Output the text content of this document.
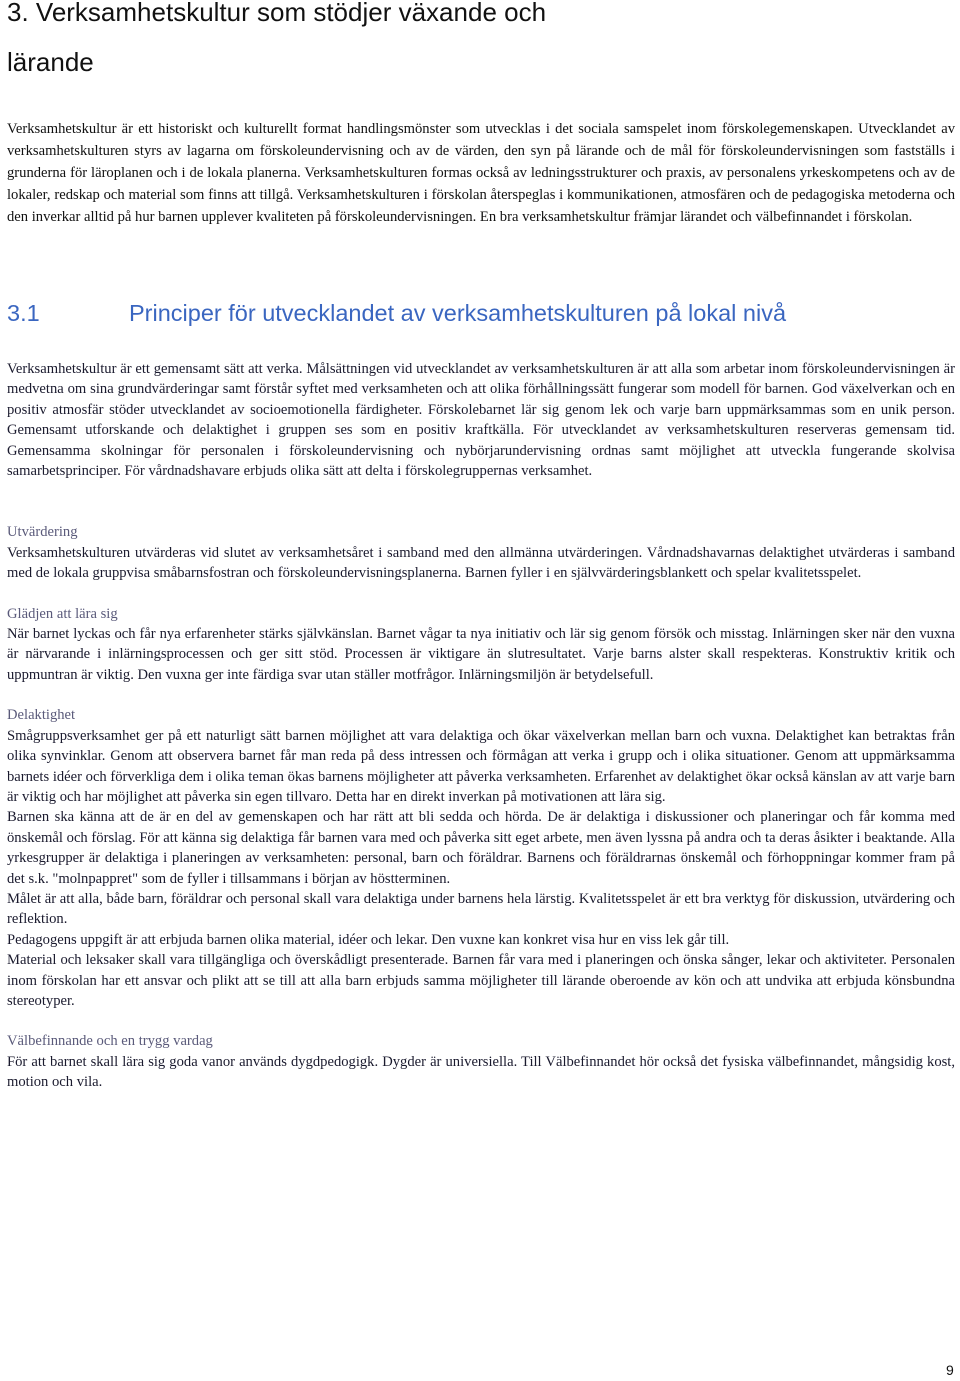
3. Verksamhetskultur som stödjer växande och
lärande

Verksamhetskultur är ett historiskt och kulturellt format handlingsmönster som utvecklas i det sociala samspelet inom förskolegemenskapen. Utvecklandet av verksamhetskulturen styrs av lagarna om förskoleundervisning och av de värden, den syn på lärande och de mål för förskoleundervisningen som fastställs i grunderna för läroplanen och i de lokala planerna. Verksamhetskulturen formas också av ledningsstrukturer och praxis, av personalens yrkeskompetens och av de lokaler, redskap och material som finns att tillgå. Verksamhetskulturen i förskolan återspeglas i kommunikationen, atmosfären och de pedagogiska metoderna och den inverkar alltid på hur barnen upplever kvaliteten på förskoleundervisningen. En bra verksamhetskultur främjar lärandet och välbefinnandet i förskolan.

3.1	Principer för utvecklandet av verksamhetskulturen på lokal nivå

Verksamhetskultur är ett gemensamt sätt att verka. Målsättningen vid utvecklandet av verksamhetskulturen är att alla som arbetar inom förskoleundervisningen är medvetna om sina grundvärderingar samt förstår syftet med verksamheten och att olika förhållningssätt fungerar som modell för barnen. God växelverkan och en positiv atmosfär stöder utvecklandet av socioemotionella färdigheter. Förskolebarnet lär sig genom lek och varje barn uppmärksammas som en unik person. Gemensamt utforskande och delaktighet i gruppen ses som en positiv kraftkälla. För utvecklandet av verksamhetskulturen reserveras gemensam tid. Gemensamma skolningar för personalen i förskoleundervisning och nybörjarundervisning ordnas samt möjlighet att utveckla fungerande skolvisa samarbetsprinciper. För vårdnadshavare erbjuds olika sätt att delta i förskolegruppernas verksamhet.

Utvärdering

Verksamhetskulturen utvärderas vid slutet av verksamhetsåret i samband med den allmänna utvärderingen. Vårdnadshavarnas delaktighet utvärderas i samband med de lokala gruppvisa småbarnsfostran och förskoleundervisningsplanerna. Barnen fyller i en självvärderingsblankett och spelar kvalitetsspelet.

Glädjen att lära sig

När barnet lyckas och får nya erfarenheter stärks självkänslan. Barnet vågar ta nya initiativ och lär sig genom försök och misstag. Inlärningen sker när den vuxna är närvarande i inlärningsprocessen och ger sitt stöd. Processen är viktigare än slutresultatet. Varje barns alster skall respekteras. Konstruktiv kritik och uppmuntran är viktig. Den vuxna ger inte färdiga svar utan ställer motfrågor. Inlärningsmiljön är betydelsefull.

Delaktighet

Smågruppsverksamhet ger på ett naturligt sätt barnen möjlighet att vara delaktiga och ökar växelverkan mellan barn och vuxna. Delaktighet kan betraktas från olika synvinklar. Genom att observera barnet får man reda på dess intressen och förmågan att verka i grupp och i olika situationer. Genom att uppmärksamma barnets idéer och förverkliga dem i olika teman ökas barnens möjligheter att påverka verksamheten. Erfarenhet av delaktighet ökar också känslan av att varje barn är viktig och har möjlighet att påverka sin egen tillvaro. Detta har en direkt inverkan på motivationen att lära sig.

Barnen ska känna att de är en del av gemenskapen och har rätt att bli sedda och hörda. De är delaktiga i diskussioner och planeringar och får komma med önskemål och förslag. För att känna sig delaktiga får barnen vara med och påverka sitt eget arbete, men även lyssna på andra och ta deras åsikter i beaktande. Alla yrkesgrupper är delaktiga i planeringen av verksamheten: personal, barn och föräldrar. Barnens och föräldrarnas önskemål och förhoppningar kommer fram på det s.k. "molnpappret" som de fyller i tillsammans i början av höstterminen.

Målet är att alla, både barn, föräldrar och personal skall vara delaktiga under barnens hela lärstig. Kvalitetsspelet är ett bra verktyg för diskussion, utvärdering och reflektion.

Pedagogens uppgift är att erbjuda barnen olika material, idéer och lekar. Den vuxne kan konkret visa hur en viss lek går till.

Material och leksaker skall vara tillgängliga och överskådligt presenterade. Barnen får vara med i planeringen och önska sånger, lekar och aktiviteter. Personalen inom förskolan har ett ansvar och plikt att se till att alla barn erbjuds samma möjligheter till lärande oberoende av kön och att undvika att erbjuda könsbundna stereotyper.

Välbefinnande och en trygg vardag

För att barnet skall lära sig goda vanor används dygdpedogigk. Dygder är universiella. Till Välbefinnandet hör också det fysiska välbefinnandet, mångsidig kost, motion och vila.

9
